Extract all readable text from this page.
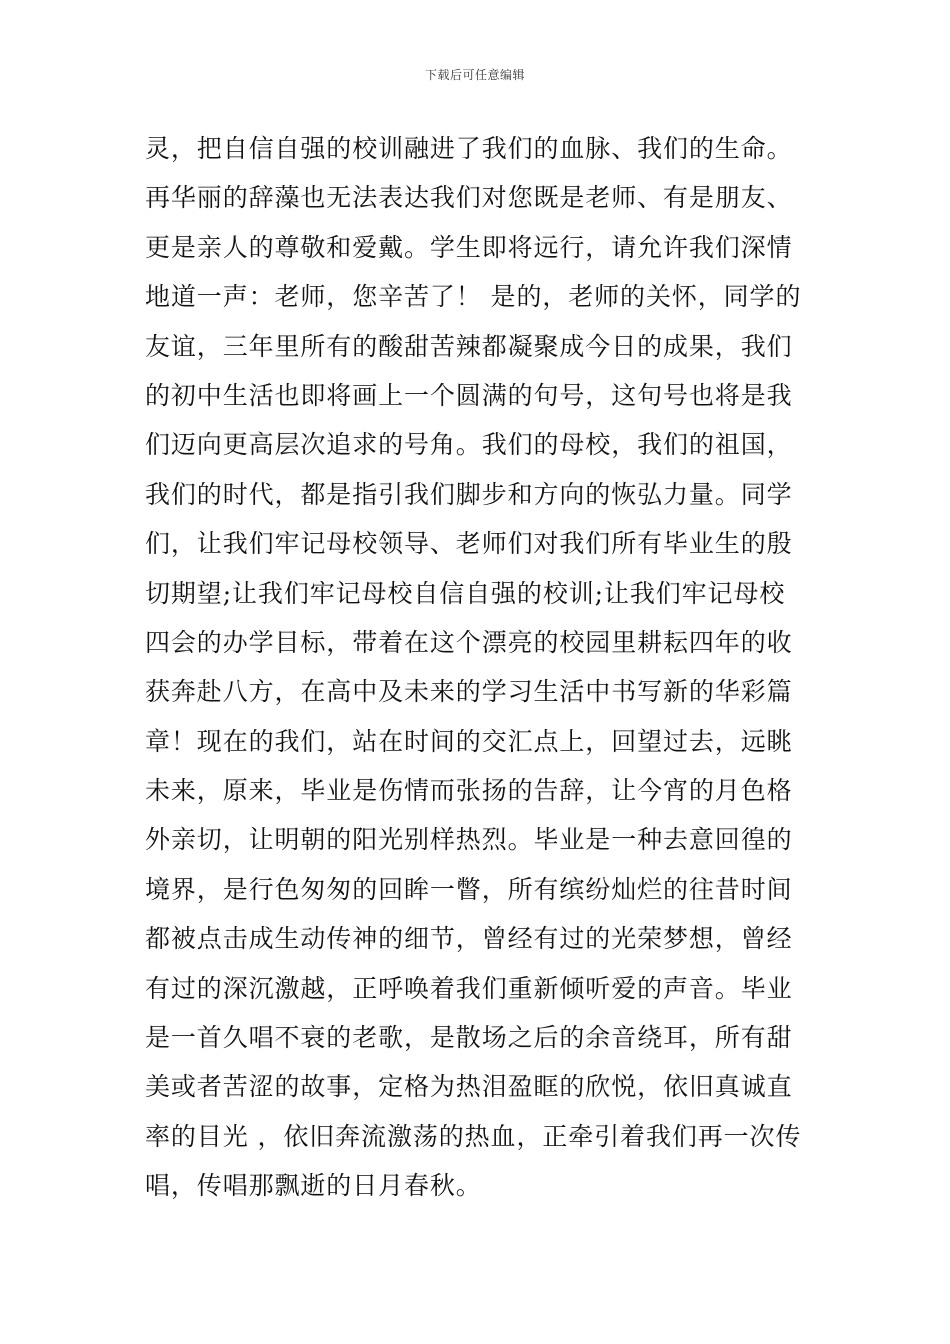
下载后可任意编辑
灵，把自信自强的校训融进了我们的血脉、我们的生命。
再华丽的辞藻也无法表达我们对您既是老师、有是朋友、
更是亲人的尊敬和爱戴。学生即将远行，请允许我们深情
地道一声：老师，您辛苦了！ 是的，老师的关怀，同学的
友谊，三年里所有的酸甜苦辣都凝聚成今日的成果，我们
的初中生活也即将画上一个圆满的句号，这句号也将是我
们迈向更高层次追求的号角。我们的母校，我们的祖国，
我们的时代，都是指引我们脚步和方向的恢弘力量。同学
们，让我们牢记母校领导、老师们对我们所有毕业生的殷
切期望;让我们牢记母校自信自强的校训;让我们牢记母校
四会的办学目标，带着在这个漂亮的校园里耕耘四年的收
获奔赴八方，在高中及未来的学习生活中书写新的华彩篇
章！现在的我们，站在时间的交汇点上，回望过去，远眺
未来，原来，毕业是伤情而张扬的告辞，让今宵的月色格
外亲切，让明朝的阳光别样热烈。毕业是一种去意回徨的
境界，是行色匆匆的回眸一瞥，所有缤纷灿烂的往昔时间
都被点击成生动传神的细节，曾经有过的光荣梦想，曾经
有过的深沉激越，正呼唤着我们重新倾听爱的声音。毕业
是一首久唱不衰的老歌，是散场之后的余音绕耳，所有甜
美或者苦涩的故事，定格为热泪盈眶的欣悦，依旧真诚直
率的目光 ，依旧奔流激荡的热血，正牵引着我们再一次传
唱，传唱那飘逝的日月春秋。
